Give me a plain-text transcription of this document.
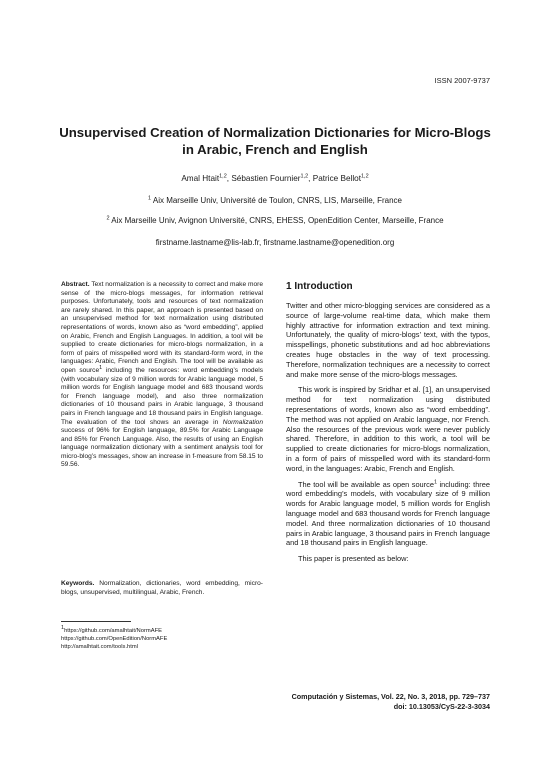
ISSN 2007-9737
Unsupervised Creation of Normalization Dictionaries for Micro-Blogs
in Arabic, French and English
Amal Htait$^{1,2}$, Sébastien Fournier$^{1,2}$, Patrice Bellot$^{1,2}$
$^1$ Aix Marseille Univ, Université de Toulon, CNRS, LIS, Marseille, France
$^2$ Aix Marseille Univ, Avignon Université, CNRS, EHESS, OpenEdition Center, Marseille, France
firstname.lastname@lis-lab.fr, firstname.lastname@openedition.org
Abstract. Text normalization is a necessity to correct and make more sense of the micro-blogs messages, for information retrieval purposes. Unfortunately, tools and resources of text normalization are rarely shared. In this paper, an approach is presented based on an unsupervised method for text normalization using distributed representations of words, known also as “word embedding”, applied on Arabic, French and English Languages. In addition, a tool will be supplied to create dictionaries for micro-blogs normalization, in a form of pairs of misspelled word with its standard-form word, in the languages: Arabic, French and English. The tool will be available as open source$^1$ including the resources: word embedding’s models (with vocabulary size of 9 million words for Arabic language model, 5 million words for English language model and 683 thousand words for French language model), and also three normalization dictionaries of 10 thousand pairs in Arabic language, 3 thousand pairs in French language and 18 thousand pairs in English language. The evaluation of the tool shows an average in Normalization success of 96% for English language, 89.5% for Arabic Language and 85% for French Language. Also, the results of using an English language normalization dictionary with a sentiment analysis tool for micro-blog’s messages, show an increase in f-measure from 58.15 to 59.56.
Keywords. Normalization, dictionaries, word embedding, micro-blogs, unsupervised, multilingual, Arabic, French.
$^1$https://github.com/amalhtait/NormAFE
https://github.com/OpenEdition/NormAFE
http://amalhtait.com/tools.html
1 Introduction

Twitter and other micro-blogging services are considered as a source of large-volume real-time data, which make them highly attractive for information extraction and text mining. Unfortunately, the quality of micro-blogs’ text, with the typos, misspellings, phonetic substitutions and ad hoc abbreviations creates huge obstacles in the way of text processing. Therefore, normalization techniques are a necessity to correct and make more sense of the micro-blogs messages.

This work is inspired by Sridhar et al. [1], an unsupervised method for text normalization using distributed representations of words, known also as “word embedding”. The method was not applied on Arabic language, nor French. Also the resources of the previous work were never publicly shared. Therefore, in addition to this work, a tool will be supplied to create dictionaries for micro-blogs normalization, in a form of pairs of misspelled word with its standard-form word, in the languages: Arabic, French and English.

The tool will be available as open source$^1$ including: three word embedding’s models, with vocabulary size of 9 million words for Arabic language model, 5 million words for English language model and 683 thousand words for French language model. And three normalization dictionaries of 10 thousand pairs in Arabic language, 3 thousand pairs in French language and 18 thousand pairs in English language.

This paper is presented as below:

Computación y Sistemas, Vol. 22, No. 3, 2018, pp. 729–737
doi: 10.13053/CyS-22-3-3034
